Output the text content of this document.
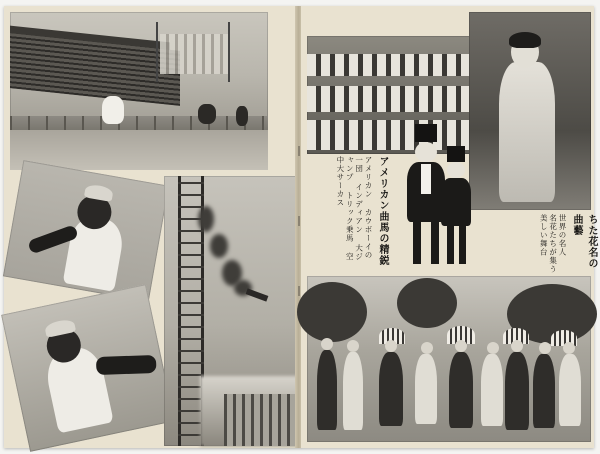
アメリカン曲馬の精鋭
アメリカン カウボーイの一団 インディアン 大ジャンプ トリック乗馬 空中大サーカス
ちた花名の曲藝
世界の名人 名花たちが集う 美しい舞台
